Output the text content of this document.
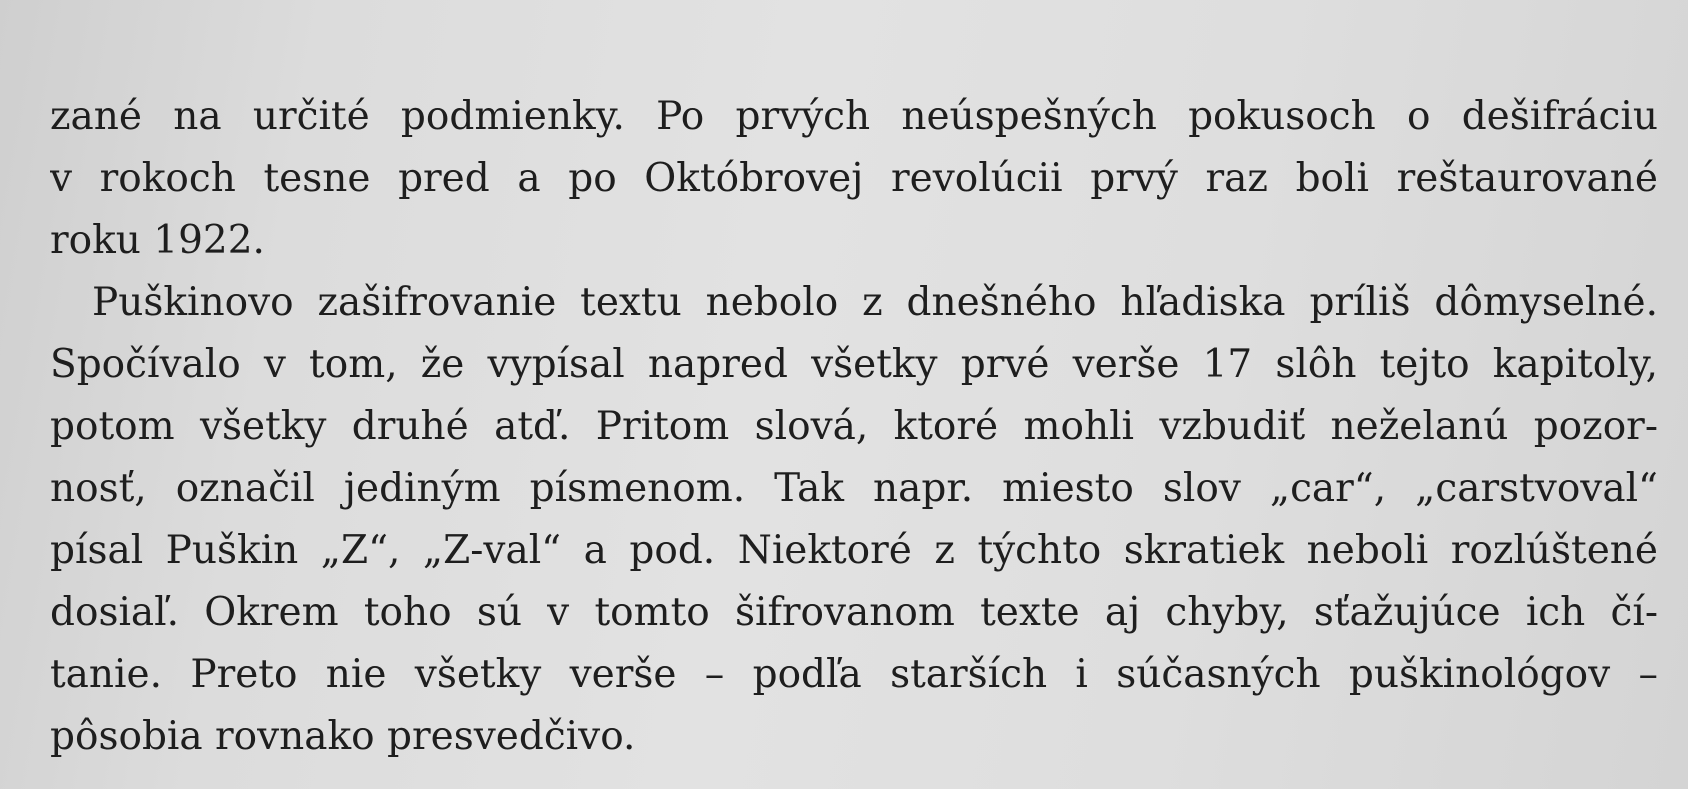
zané na určité podmienky. Po prvých neúspešných pokusoch o dešifráciu
v rokoch tesne pred a po Októbrovej revolúcii prvý raz boli reštaurované
roku 1922.
Puškinovo zašifrovanie textu nebolo z dnešného hľadiska príliš dômyselné.
Spočívalo v tom, že vypísal napred všetky prvé verše 17 slôh tejto kapitoly,
potom všetky druhé atď. Pritom slová, ktoré mohli vzbudiť neželanú pozor-
nosť, označil jediným písmenom. Tak napr. miesto slov „car“, „carstvoval“
písal Puškin „Z“, „Z-val“ a pod. Niektoré z týchto skratiek neboli rozlúštené
dosiaľ. Okrem toho sú v tomto šifrovanom texte aj chyby, sťažujúce ich čí-
tanie. Preto nie všetky verše – podľa starších i súčasných puškinológov –
pôsobia rovnako presvedčivo.
